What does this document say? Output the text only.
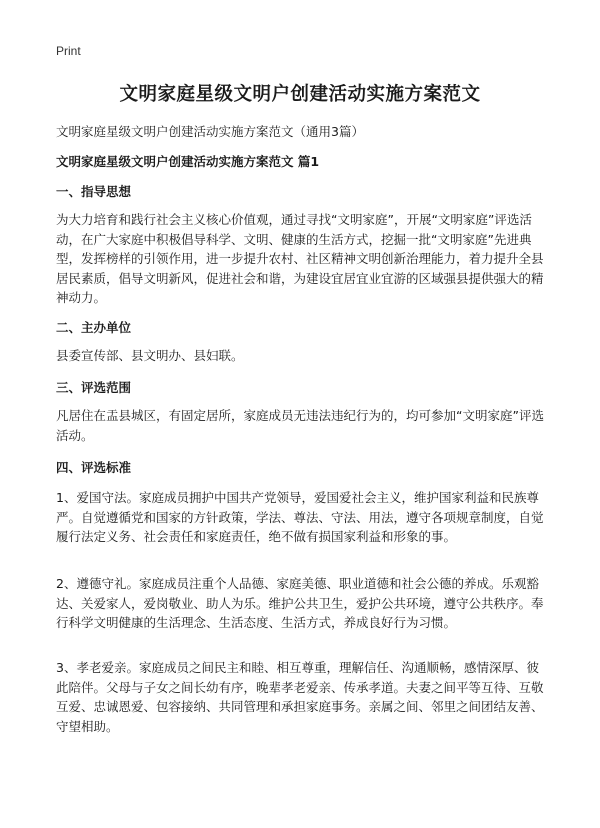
Print
文明家庭星级文明户创建活动实施方案范文
文明家庭星级文明户创建活动实施方案范文（通用3篇）
文明家庭星级文明户创建活动实施方案范文 篇1
一、指导思想

为大力培育和践行社会主义核心价值观，通过寻找“文明家庭”，开展“文明家庭”评选活动，在广大家庭中积极倡导科学、文明、健康的生活方式，挖掘一批“文明家庭”先进典型，发挥榜样的引领作用，进一步提升农村、社区精神文明创新治理能力，着力提升全县居民素质，倡导文明新风，促进社会和谐，为建设宜居宜业宜游的区域强县提供强大的精神动力。

二、主办单位

县委宣传部、县文明办、县妇联。

三、评选范围

凡居住在盂县城区，有固定居所，家庭成员无违法违纪行为的，均可参加“文明家庭”评选活动。

四、评选标准

1、爱国守法。家庭成员拥护中国共产党领导，爱国爱社会主义，维护国家利益和民族尊严。自觉遵循党和国家的方针政策，学法、尊法、守法、用法，遵守各项规章制度，自觉履行法定义务、社会责任和家庭责任，绝不做有损国家利益和形象的事。

2、遵德守礼。家庭成员注重个人品德、家庭美德、职业道德和社会公德的养成。乐观豁达、关爱家人，爱岗敬业、助人为乐。维护公共卫生，爱护公共环境，遵守公共秩序。奉行科学文明健康的生活理念、生活态度、生活方式，养成良好行为习惯。

3、孝老爱亲。家庭成员之间民主和睦、相互尊重，理解信任、沟通顺畅，感情深厚、彼此陪伴。父母与子女之间长幼有序，晚辈孝老爱亲、传承孝道。夫妻之间平等互待、互敬互爱、忠诚恩爱、包容接纳、共同管理和承担家庭事务。亲属之间、邻里之间团结友善、守望相助。
